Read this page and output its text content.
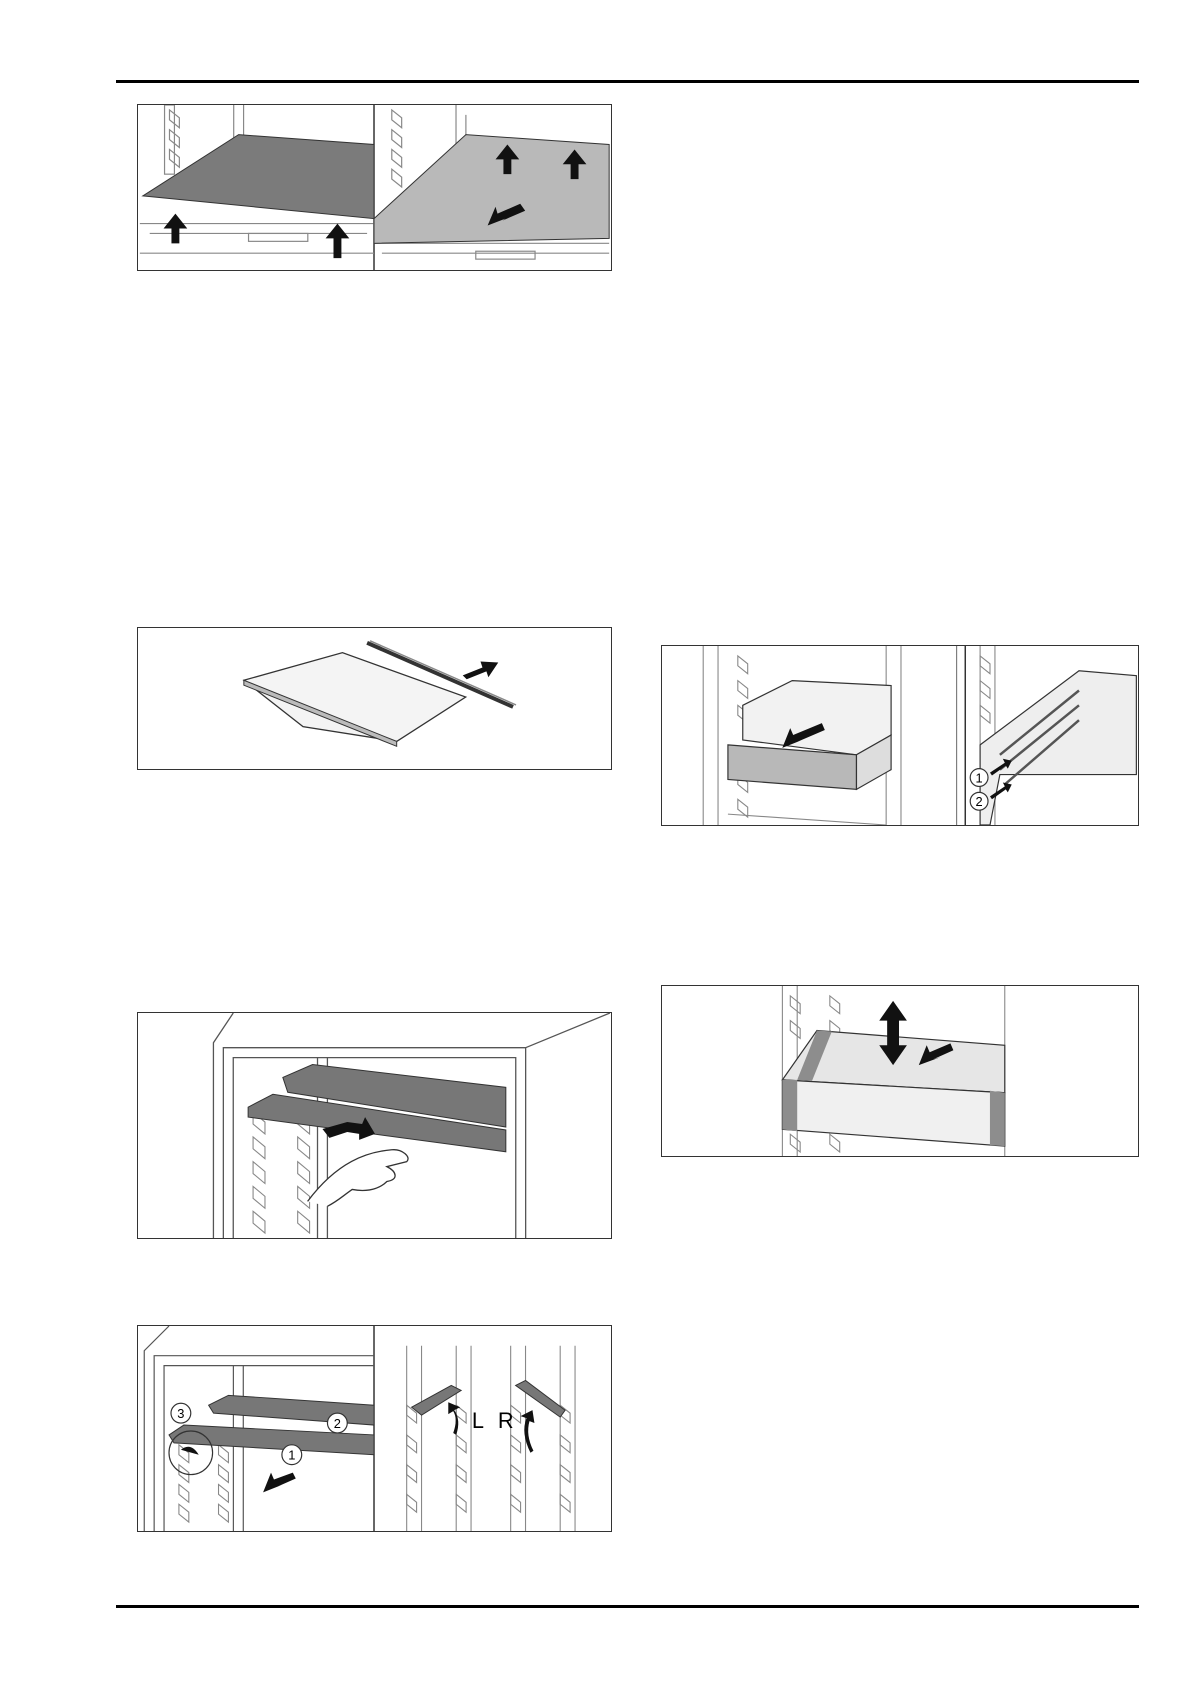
3
2
1
L R
1
2
